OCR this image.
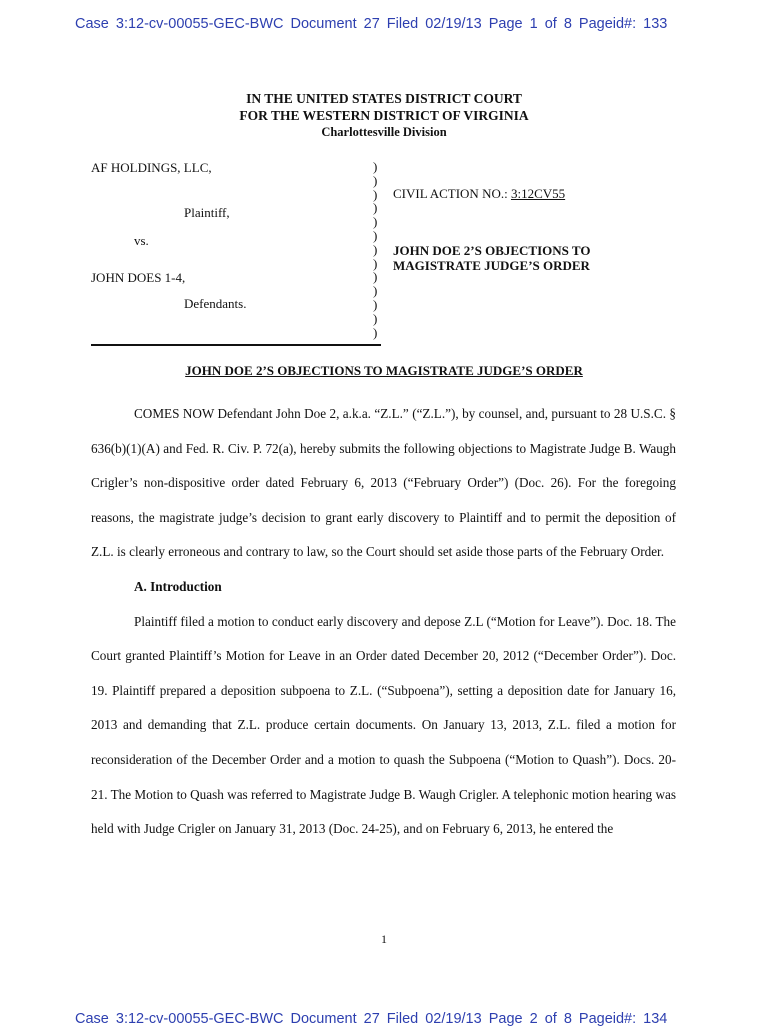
Case 3:12-cv-00055-GEC-BWC Document 27 Filed 02/19/13 Page 1 of 8 Pageid#: 133
IN THE UNITED STATES DISTRICT COURT
FOR THE WESTERN DISTRICT OF VIRGINIA
Charlottesville Division
AF HOLDINGS, LLC,
Plaintiff,
vs.
JOHN DOES 1-4,
Defendants.
)
)
)
)
)
)
)
)
)
)
)
)
)
CIVIL ACTION NO.: 3:12CV55
JOHN DOE 2’S OBJECTIONS TO
MAGISTRATE JUDGE’S ORDER
JOHN DOE 2’S OBJECTIONS TO MAGISTRATE JUDGE’S ORDER

COMES NOW Defendant John Doe 2, a.k.a. “Z.L.” (“Z.L.”), by counsel, and, pursuant to 28 U.S.C. § 636(b)(1)(A) and Fed. R. Civ. P. 72(a), hereby submits the following objections to Magistrate Judge B. Waugh Crigler’s non-dispositive order dated February 6, 2013 (“February Order”) (Doc. 26). For the foregoing reasons, the magistrate judge’s decision to grant early discovery to Plaintiff and to permit the deposition of Z.L. is clearly erroneous and contrary to law, so the Court should set aside those parts of the February Order.

A. Introduction

Plaintiff filed a motion to conduct early discovery and depose Z.L (“Motion for Leave”). Doc. 18. The Court granted Plaintiff’s Motion for Leave in an Order dated December 20, 2012 (“December Order”). Doc. 19. Plaintiff prepared a deposition subpoena to Z.L. (“Subpoena”), setting a deposition date for January 16, 2013 and demanding that Z.L. produce certain documents. On January 13, 2013, Z.L. filed a motion for reconsideration of the December Order and a motion to quash the Subpoena (“Motion to Quash”). Docs. 20-21. The Motion to Quash was referred to Magistrate Judge B. Waugh Crigler. A telephonic motion hearing was held with Judge Crigler on January 31, 2013 (Doc. 24-25), and on February 6, 2013, he entered the

1
Case 3:12-cv-00055-GEC-BWC Document 27 Filed 02/19/13 Page 2 of 8 Pageid#: 134
